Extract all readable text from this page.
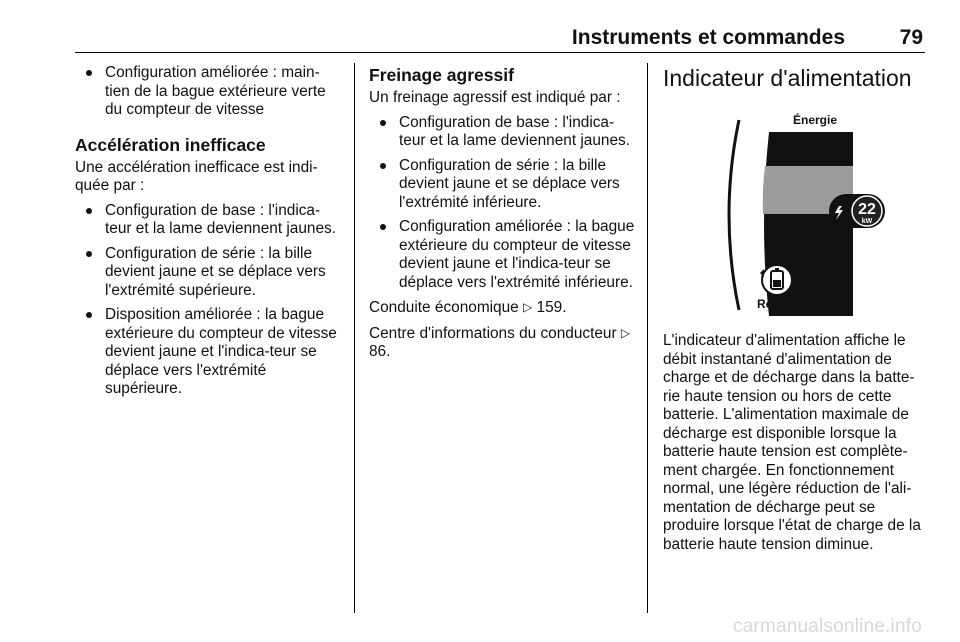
Instruments et commandes	79
Configuration améliorée : main-tien de la bague extérieure verte du compteur de vitesse
Accélération inefficace

Une accélération inefficace est indi-quée par :

Configuration de base : l'indica-teur et la lame deviennent jaunes.
Configuration de série : la bille devient jaune et se déplace vers l'extrémité supérieure.
Disposition améliorée : la bague extérieure du compteur de vitesse devient jaune et l'indica-teur se déplace vers l'extrémité supérieure.
Freinage agressif

Un freinage agressif est indiqué par :

Configuration de base : l'indica-teur et la lame deviennent jaunes.
Configuration de série : la bille devient jaune et se déplace vers l'extrémité inférieure.
Configuration améliorée : la bague extérieure du compteur de vitesse devient jaune et l'indica-teur se déplace vers l'extrémité inférieure.

Conduite économique ▷ 159.

Centre d'informations du conducteur ▷ 86.

Indicateur d'alimentation
Énergie
22
kW
Régén.

L'indicateur d'alimentation affiche le débit instantané d'alimentation de charge et de décharge dans la batte-rie haute tension ou hors de cette batterie. L'alimentation maximale de décharge est disponible lorsque la batterie haute tension est complète-ment chargée. En fonctionnement normal, une légère réduction de l'ali-mentation de décharge peut se produire lorsque l'état de charge de la batterie haute tension diminue.

carmanualsonline.info
